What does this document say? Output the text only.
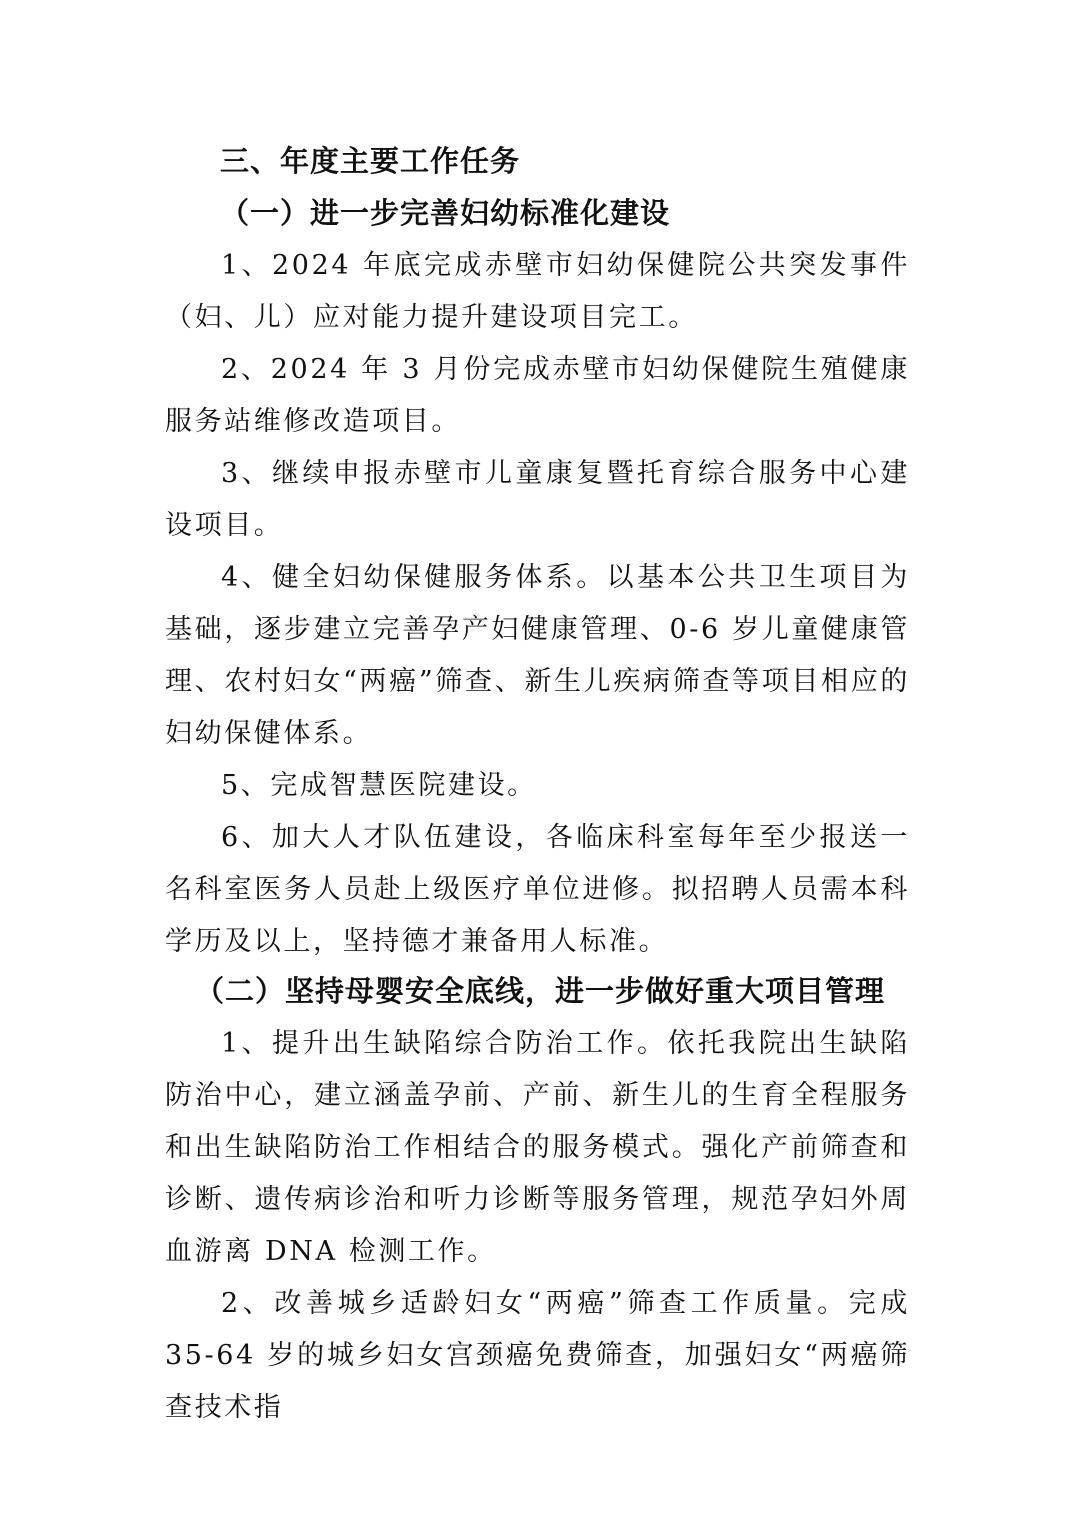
三、年度主要工作任务
（一）进一步完善妇幼标准化建设

1、2024 年底完成赤壁市妇幼保健院公共突发事件（妇、儿）应对能力提升建设项目完工。

2、2024 年 3 月份完成赤壁市妇幼保健院生殖健康服务站维修改造项目。

3、继续申报赤壁市儿童康复暨托育综合服务中心建设项目。

4、健全妇幼保健服务体系。以基本公共卫生项目为基础，逐步建立完善孕产妇健康管理、0-6 岁儿童健康管理、农村妇女“两癌”筛查、新生儿疾病筛查等项目相应的妇幼保健体系。

5、完成智慧医院建设。

6、加大人才队伍建设，各临床科室每年至少报送一名科室医务人员赴上级医疗单位进修。拟招聘人员需本科学历及以上，坚持德才兼备用人标准。

（二）坚持母婴安全底线，进一步做好重大项目管理

1、提升出生缺陷综合防治工作。依托我院出生缺陷防治中心，建立涵盖孕前、产前、新生儿的生育全程服务和出生缺陷防治工作相结合的服务模式。强化产前筛查和诊断、遗传病诊治和听力诊断等服务管理，规范孕妇外周血游离 DNA 检测工作。

2、改善城乡适龄妇女“两癌”筛查工作质量。完成 35-64 岁的城乡妇女宫颈癌免费筛查，加强妇女“两癌筛查技术指
